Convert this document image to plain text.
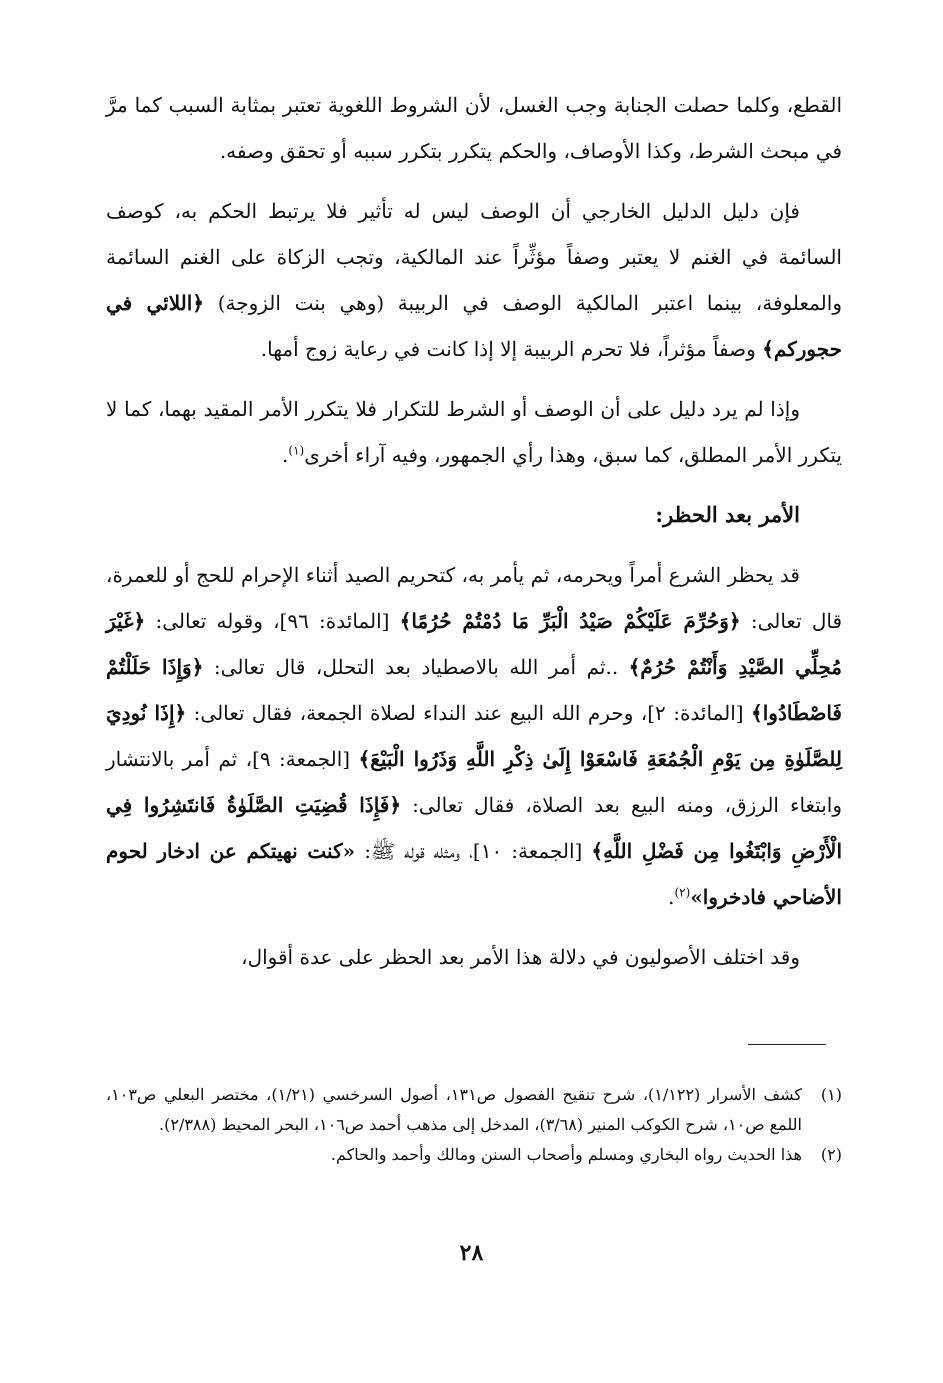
القطع، وكلما حصلت الجنابة وجب الغسل، لأن الشروط اللغوية تعتبر بمثابة السبب كما مرَّ في مبحث الشرط، وكذا الأوصاف، والحكم يتكرر بتكرر سببه أو تحقق وصفه.

فإن دليل الدليل الخارجي أن الوصف ليس له تأثير فلا يرتبط الحكم به، كوصف السائمة في الغنم لا يعتبر وصفاً مؤثِّراً عند المالكية، وتجب الزكاة على الغنم السائمة والمعلوفة، بينما اعتبر المالكية الوصف في الربيبة (وهي بنت الزوجة) ﴿اللائي في حجوركم﴾ وصفاً مؤثراً، فلا تحرم الربيبة إلا إذا كانت في رعاية زوج أمها.

وإذا لم يرد دليل على أن الوصف أو الشرط للتكرار فلا يتكرر الأمر المقيد بهما، كما لا يتكرر الأمر المطلق، كما سبق، وهذا رأي الجمهور، وفيه آراء أخرى$^{(١)}$.

الأمر بعد الحظر:

قد يحظر الشرع أمراً ويحرمه، ثم يأمر به، كتحريم الصيد أثناء الإحرام للحج أو للعمرة، قال تعالى: ﴿وَحُرِّمَ عَلَيْكُمْ صَيْدُ الْبَرِّ مَا دُمْتُمْ حُرُمًا﴾ [المائدة: ٩٦]، وقوله تعالى: ﴿غَيْرَ مُحِلِّي الصَّيْدِ وَأَنْتُمْ حُرُمٌ﴾ ..ثم أمر الله بالاصطياد بعد التحلل، قال تعالى: ﴿وَإِذَا حَلَلْتُمْ فَاصْطَادُوا﴾ [المائدة: ٢]، وحرم الله البيع عند النداء لصلاة الجمعة، فقال تعالى: ﴿إِذَا نُودِيَ لِلصَّلَوٰةِ مِن يَوْمِ الْجُمُعَةِ فَاسْعَوْا إِلَىٰ ذِكْرِ اللَّهِ وَذَرُوا الْبَيْعَ﴾ [الجمعة: ٩]، ثم أمر بالانتشار وابتغاء الرزق، ومنه البيع بعد الصلاة، فقال تعالى: ﴿فَإِذَا قُضِيَتِ الصَّلَوٰةُ فَانتَشِرُوا فِي الْأَرْضِ وَابْتَغُوا مِن فَضْلِ اللَّهِ﴾ [الجمعة: ١٠]، ومثله قوله ﷺ: «كنت نهيتكم عن ادخار لحوم الأضاحي فادخروا»$^{(٢)}$.

وقد اختلف الأصوليون في دلالة هذا الأمر بعد الحظر على عدة أقوال،

(١)
كشف الأسرار (١/١٢٢)، شرح تنقيح الفصول ص١٣١، أصول السرخسي (١/٢١)، مختصر البعلي ص١٠٣، اللمع ص١٠، شرح الكوكب المنير (٣/٦٨)، المدخل إلى مذهب أحمد ص١٠٦، البحر المحيط (٢/٣٨٨).
(٢)
هذا الحديث رواه البخاري ومسلم وأصحاب السنن ومالك وأحمد والحاكم.
٢٨
